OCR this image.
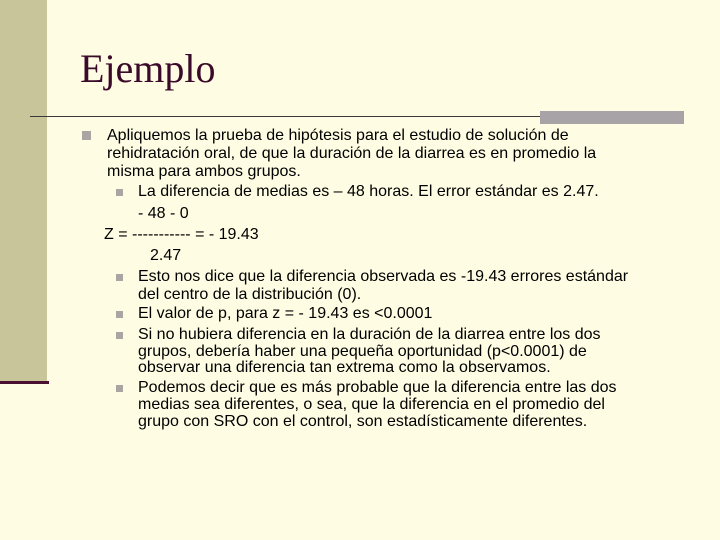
Ejemplo
Apliquemos la prueba de hipótesis para el estudio de solución de
rehidratación oral, de que la duración de la diarrea es en promedio la
misma para ambos grupos.
La diferencia de medias es – 48 horas. El error estándar es 2.47.
- 48 - 0
Z = ----------- = - 19.43
2.47
Esto nos dice que la diferencia observada es -19.43 errores estándar
del centro de la distribución (0).
El valor de p, para z = - 19.43 es <0.0001
Si no hubiera diferencia en la duración de la diarrea entre los dos
grupos, debería haber una pequeña oportunidad (p<0.0001) de
observar una diferencia tan extrema como la observamos.
Podemos decir que es más probable que la diferencia entre las dos
medias sea diferentes, o sea, que la diferencia en el promedio del
grupo con SRO con el control, son estadísticamente diferentes.
